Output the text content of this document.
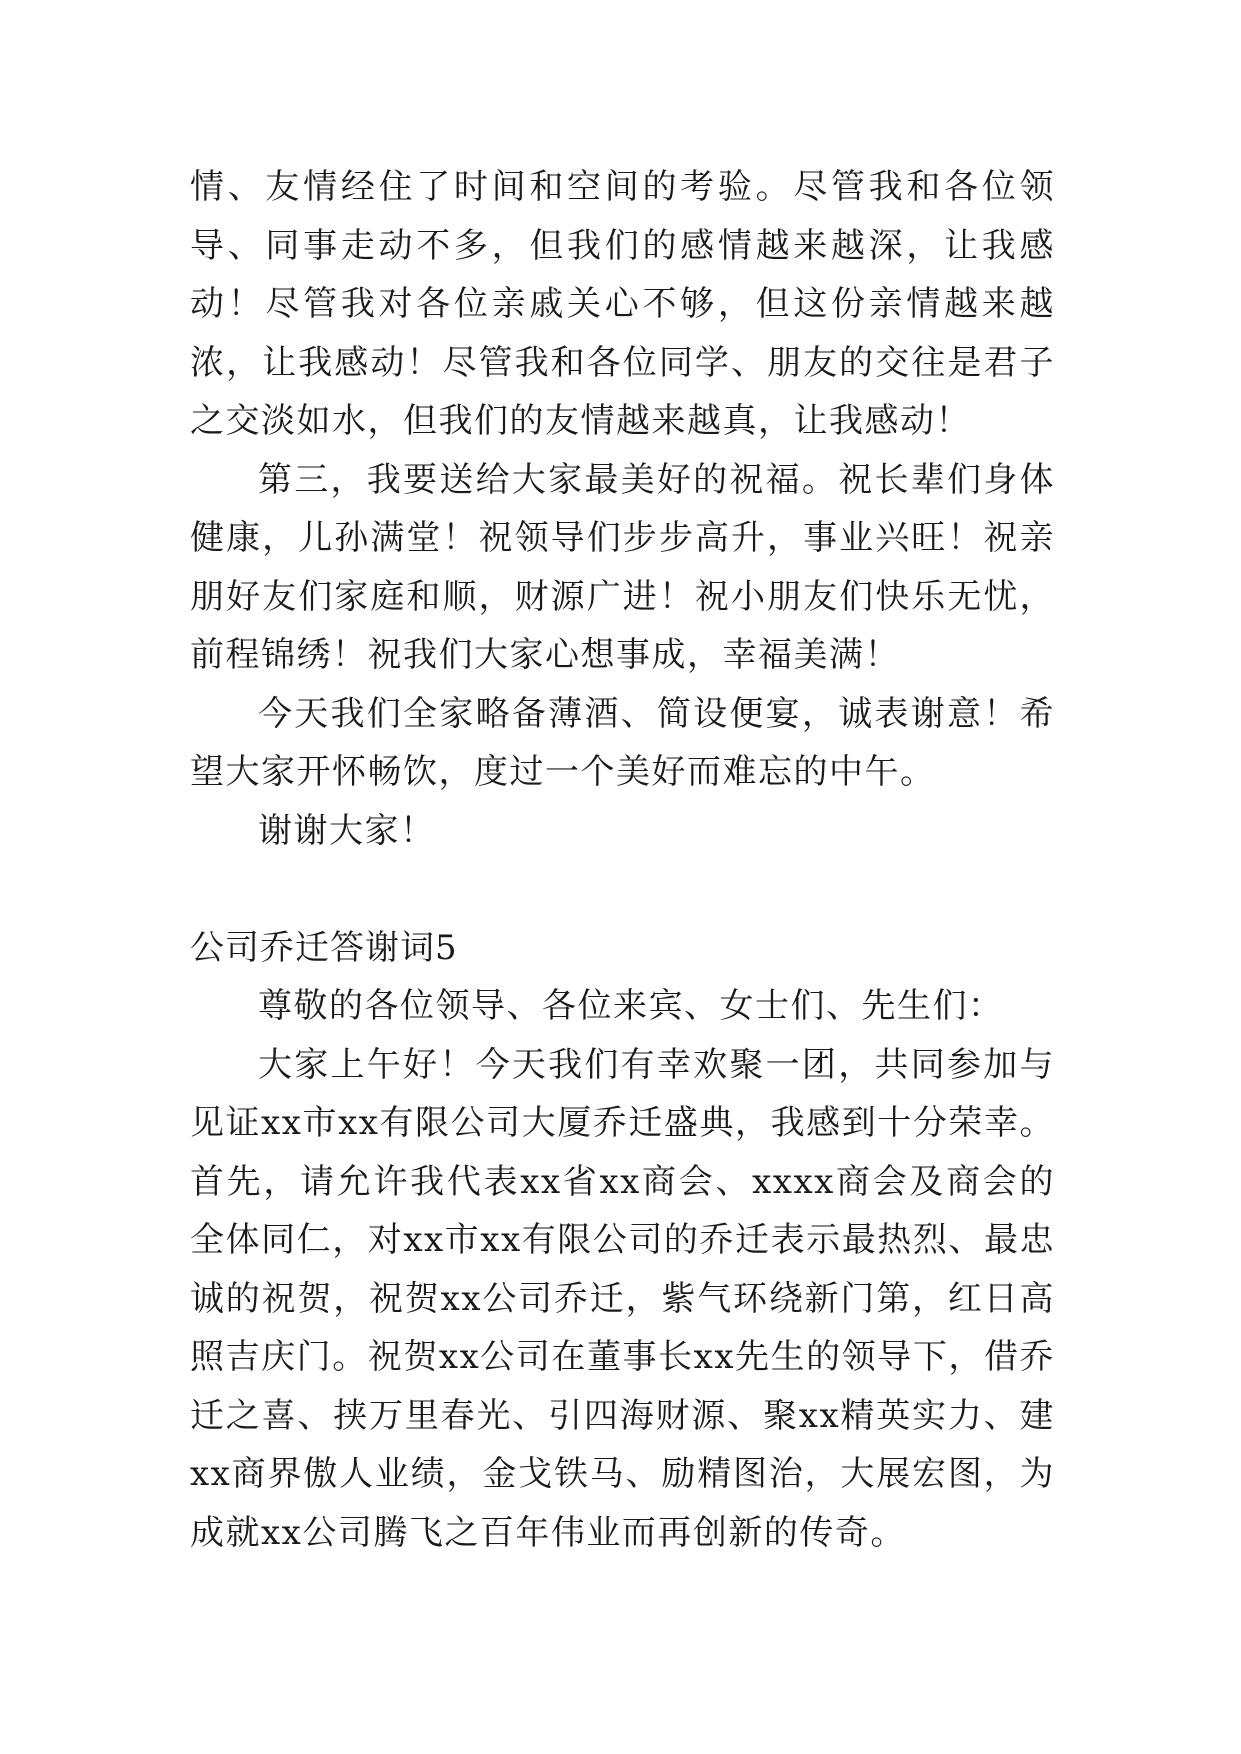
情、友情经住了时间和空间的考验。尽管我和各位领导、同事走动不多，但我们的感情越来越深，让我感动！尽管我对各位亲戚关心不够，但这份亲情越来越浓，让我感动！尽管我和各位同学、朋友的交往是君子之交淡如水，但我们的友情越来越真，让我感动！

第三，我要送给大家最美好的祝福。祝长辈们身体健康，儿孙满堂！祝领导们步步高升，事业兴旺！祝亲朋好友们家庭和顺，财源广进！祝小朋友们快乐无忧，前程锦绣！祝我们大家心想事成，幸福美满！

今天我们全家略备薄酒、简设便宴，诚表谢意！希望大家开怀畅饮，度过一个美好而难忘的中午。

谢谢大家！

公司乔迁答谢词5

尊敬的各位领导、各位来宾、女士们、先生们：

大家上午好！今天我们有幸欢聚一团，共同参加与见证xx市xx有限公司大厦乔迁盛典，我感到十分荣幸。首先，请允许我代表xx省xx商会、xxxx商会及商会的全体同仁，对xx市xx有限公司的乔迁表示最热烈、最忠诚的祝贺，祝贺xx公司乔迁，紫气环绕新门第，红日高照吉庆门。祝贺xx公司在董事长xx先生的领导下，借乔迁之喜、挟万里春光、引四海财源、聚xx精英实力、建xx商界傲人业绩，金戈铁马、励精图治，大展宏图，为成就xx公司腾飞之百年伟业而再创新的传奇。
